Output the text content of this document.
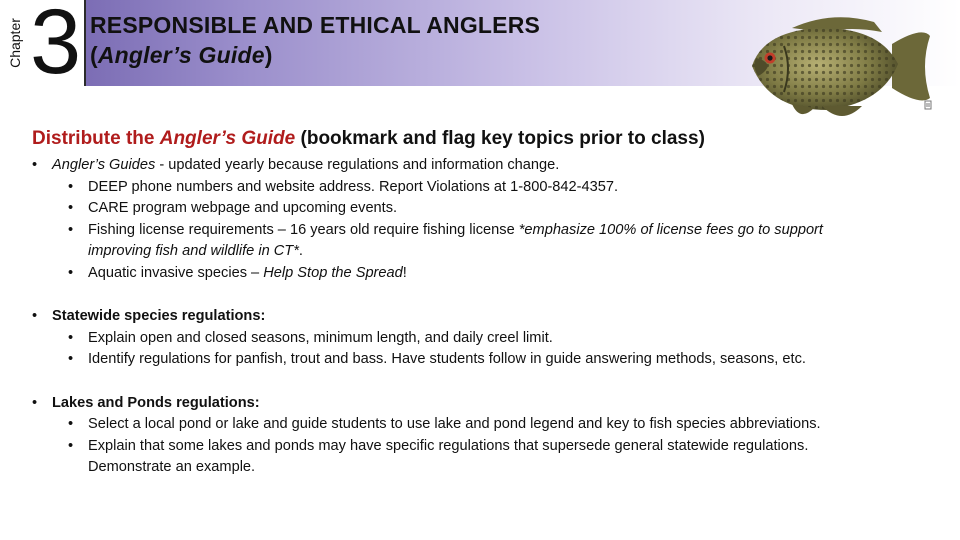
Chapter 3 RESPONSIBLE AND ETHICAL ANGLERS
(Angler’s Guide)
Distribute the Angler’s Guide (bookmark and flag key topics prior to class)
•	Angler’s Guides - updated yearly because regulations and information change.
•	DEEP phone numbers and website address. Report Violations at 1-800-842-4357.
•	CARE program webpage and upcoming events.
•	Fishing license requirements – 16 years old require fishing license *emphasize 100% of license fees go to support
improving fish and wildlife in CT*.
•	Aquatic invasive species – Help Stop the Spread!
•	Statewide species regulations:
•	Explain open and closed seasons, minimum length, and daily creel limit.
•	Identify regulations for panfish, trout and bass. Have students follow in guide answering methods, seasons, etc.
•	Lakes and Ponds regulations:
•	Select a local pond or lake and guide students to use lake and pond legend and key to fish species abbreviations.
•	Explain that some lakes and ponds may have specific regulations that supersede general statewide regulations.
Demonstrate an example.
